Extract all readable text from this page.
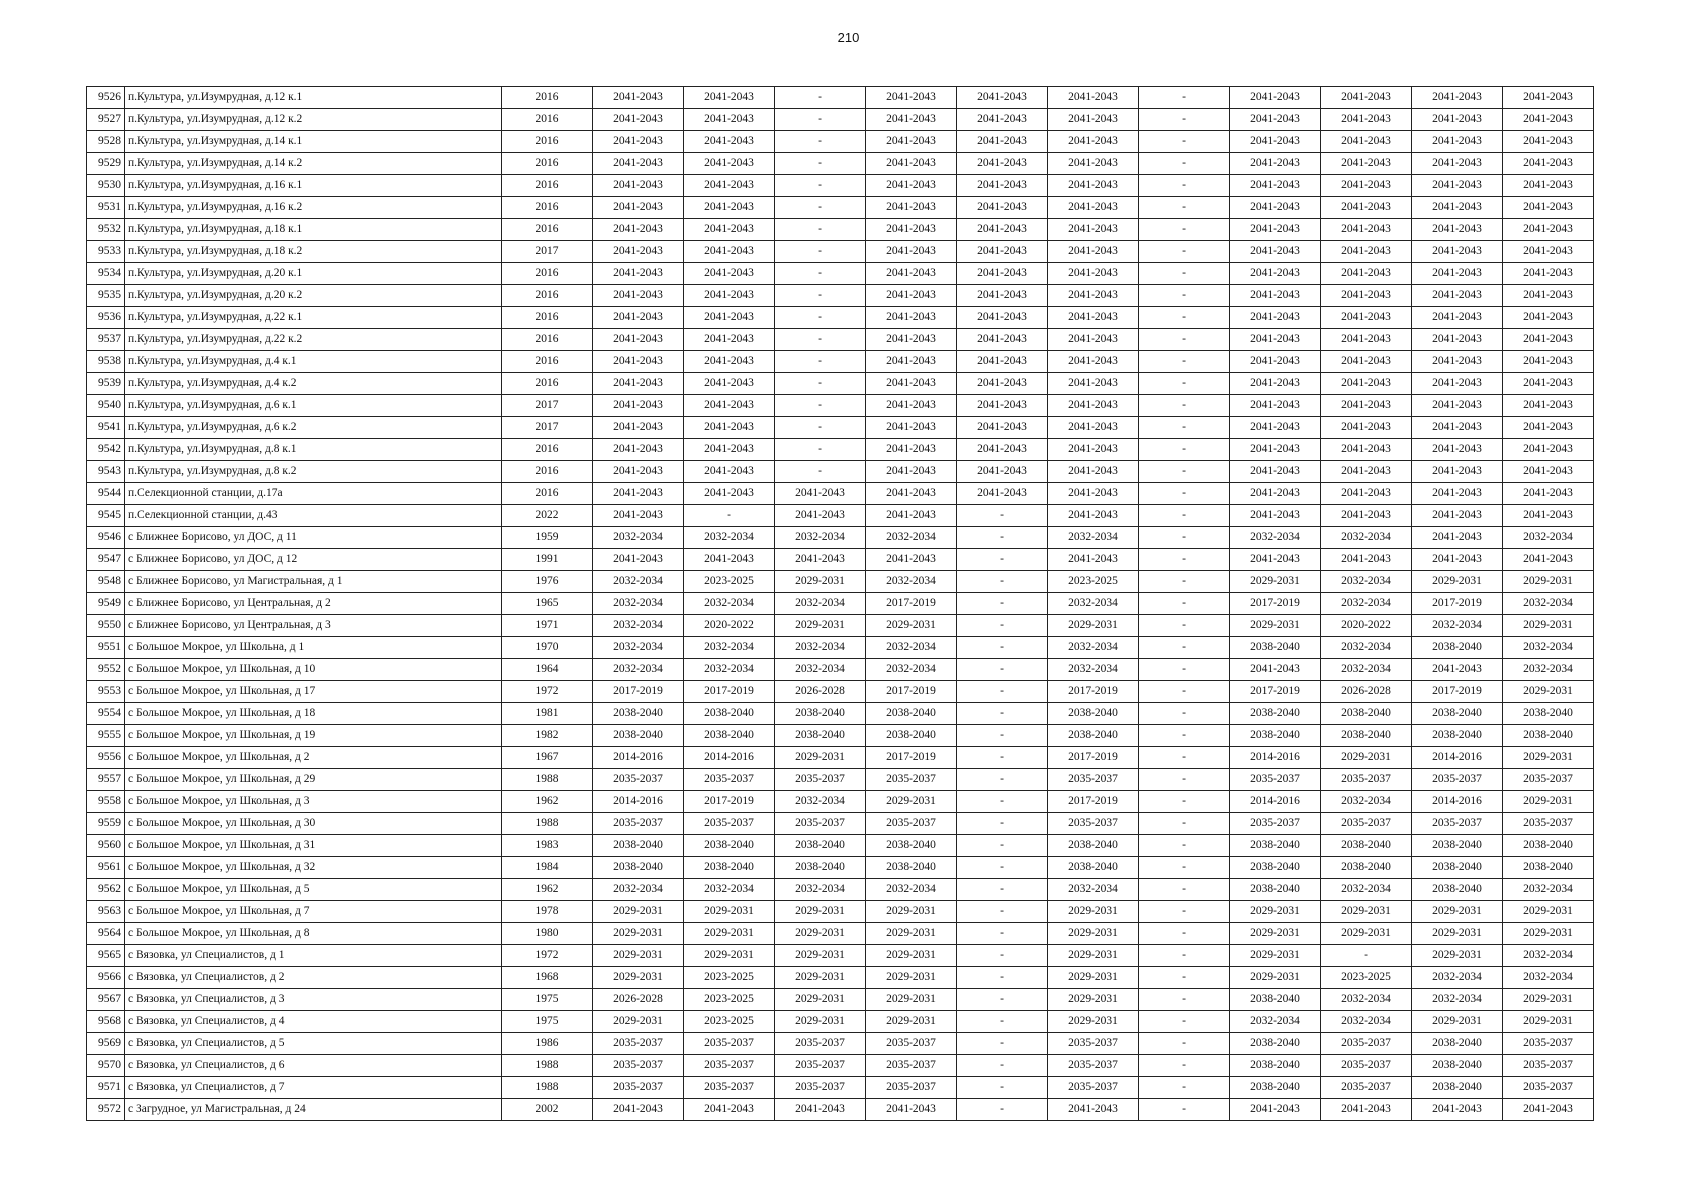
210
9526	п.Культура, ул.Изумрудная, д.12 к.1	2016	2041-2043	2041-2043	-	2041-2043	2041-2043	2041-2043	-	2041-2043	2041-2043	2041-2043	2041-2043
9527	п.Культура, ул.Изумрудная, д.12 к.2	2016	2041-2043	2041-2043	-	2041-2043	2041-2043	2041-2043	-	2041-2043	2041-2043	2041-2043	2041-2043
9528	п.Культура, ул.Изумрудная, д.14 к.1	2016	2041-2043	2041-2043	-	2041-2043	2041-2043	2041-2043	-	2041-2043	2041-2043	2041-2043	2041-2043
9529	п.Культура, ул.Изумрудная, д.14 к.2	2016	2041-2043	2041-2043	-	2041-2043	2041-2043	2041-2043	-	2041-2043	2041-2043	2041-2043	2041-2043
9530	п.Культура, ул.Изумрудная, д.16 к.1	2016	2041-2043	2041-2043	-	2041-2043	2041-2043	2041-2043	-	2041-2043	2041-2043	2041-2043	2041-2043
9531	п.Культура, ул.Изумрудная, д.16 к.2	2016	2041-2043	2041-2043	-	2041-2043	2041-2043	2041-2043	-	2041-2043	2041-2043	2041-2043	2041-2043
9532	п.Культура, ул.Изумрудная, д.18 к.1	2016	2041-2043	2041-2043	-	2041-2043	2041-2043	2041-2043	-	2041-2043	2041-2043	2041-2043	2041-2043
9533	п.Культура, ул.Изумрудная, д.18 к.2	2017	2041-2043	2041-2043	-	2041-2043	2041-2043	2041-2043	-	2041-2043	2041-2043	2041-2043	2041-2043
9534	п.Культура, ул.Изумрудная, д.20 к.1	2016	2041-2043	2041-2043	-	2041-2043	2041-2043	2041-2043	-	2041-2043	2041-2043	2041-2043	2041-2043
9535	п.Культура, ул.Изумрудная, д.20 к.2	2016	2041-2043	2041-2043	-	2041-2043	2041-2043	2041-2043	-	2041-2043	2041-2043	2041-2043	2041-2043
9536	п.Культура, ул.Изумрудная, д.22 к.1	2016	2041-2043	2041-2043	-	2041-2043	2041-2043	2041-2043	-	2041-2043	2041-2043	2041-2043	2041-2043
9537	п.Культура, ул.Изумрудная, д.22 к.2	2016	2041-2043	2041-2043	-	2041-2043	2041-2043	2041-2043	-	2041-2043	2041-2043	2041-2043	2041-2043
9538	п.Культура, ул.Изумрудная, д.4 к.1	2016	2041-2043	2041-2043	-	2041-2043	2041-2043	2041-2043	-	2041-2043	2041-2043	2041-2043	2041-2043
9539	п.Культура, ул.Изумрудная, д.4 к.2	2016	2041-2043	2041-2043	-	2041-2043	2041-2043	2041-2043	-	2041-2043	2041-2043	2041-2043	2041-2043
9540	п.Культура, ул.Изумрудная, д.6 к.1	2017	2041-2043	2041-2043	-	2041-2043	2041-2043	2041-2043	-	2041-2043	2041-2043	2041-2043	2041-2043
9541	п.Культура, ул.Изумрудная, д.6 к.2	2017	2041-2043	2041-2043	-	2041-2043	2041-2043	2041-2043	-	2041-2043	2041-2043	2041-2043	2041-2043
9542	п.Культура, ул.Изумрудная, д.8 к.1	2016	2041-2043	2041-2043	-	2041-2043	2041-2043	2041-2043	-	2041-2043	2041-2043	2041-2043	2041-2043
9543	п.Культура, ул.Изумрудная, д.8 к.2	2016	2041-2043	2041-2043	-	2041-2043	2041-2043	2041-2043	-	2041-2043	2041-2043	2041-2043	2041-2043
9544	п.Селекционной станции, д.17а	2016	2041-2043	2041-2043	2041-2043	2041-2043	2041-2043	2041-2043	-	2041-2043	2041-2043	2041-2043	2041-2043
9545	п.Селекционной станции, д.43	2022	2041-2043	-	2041-2043	2041-2043	-	2041-2043	-	2041-2043	2041-2043	2041-2043	2041-2043
9546	с Ближнее Борисово, ул ДОС, д 11	1959	2032-2034	2032-2034	2032-2034	2032-2034	-	2032-2034	-	2032-2034	2032-2034	2041-2043	2032-2034
9547	с Ближнее Борисово, ул ДОС, д 12	1991	2041-2043	2041-2043	2041-2043	2041-2043	-	2041-2043	-	2041-2043	2041-2043	2041-2043	2041-2043
9548	с Ближнее Борисово, ул Магистральная, д 1	1976	2032-2034	2023-2025	2029-2031	2032-2034	-	2023-2025	-	2029-2031	2032-2034	2029-2031	2029-2031
9549	с Ближнее Борисово, ул Центральная, д 2	1965	2032-2034	2032-2034	2032-2034	2017-2019	-	2032-2034	-	2017-2019	2032-2034	2017-2019	2032-2034
9550	с Ближнее Борисово, ул Центральная, д 3	1971	2032-2034	2020-2022	2029-2031	2029-2031	-	2029-2031	-	2029-2031	2020-2022	2032-2034	2029-2031
9551	с Большое Мокрое, ул Школьна, д 1	1970	2032-2034	2032-2034	2032-2034	2032-2034	-	2032-2034	-	2038-2040	2032-2034	2038-2040	2032-2034
9552	с Большое Мокрое, ул Школьная, д 10	1964	2032-2034	2032-2034	2032-2034	2032-2034	-	2032-2034	-	2041-2043	2032-2034	2041-2043	2032-2034
9553	с Большое Мокрое, ул Школьная, д 17	1972	2017-2019	2017-2019	2026-2028	2017-2019	-	2017-2019	-	2017-2019	2026-2028	2017-2019	2029-2031
9554	с Большое Мокрое, ул Школьная, д 18	1981	2038-2040	2038-2040	2038-2040	2038-2040	-	2038-2040	-	2038-2040	2038-2040	2038-2040	2038-2040
9555	с Большое Мокрое, ул Школьная, д 19	1982	2038-2040	2038-2040	2038-2040	2038-2040	-	2038-2040	-	2038-2040	2038-2040	2038-2040	2038-2040
9556	с Большое Мокрое, ул Школьная, д 2	1967	2014-2016	2014-2016	2029-2031	2017-2019	-	2017-2019	-	2014-2016	2029-2031	2014-2016	2029-2031
9557	с Большое Мокрое, ул Школьная, д 29	1988	2035-2037	2035-2037	2035-2037	2035-2037	-	2035-2037	-	2035-2037	2035-2037	2035-2037	2035-2037
9558	с Большое Мокрое, ул Школьная, д 3	1962	2014-2016	2017-2019	2032-2034	2029-2031	-	2017-2019	-	2014-2016	2032-2034	2014-2016	2029-2031
9559	с Большое Мокрое, ул Школьная, д 30	1988	2035-2037	2035-2037	2035-2037	2035-2037	-	2035-2037	-	2035-2037	2035-2037	2035-2037	2035-2037
9560	с Большое Мокрое, ул Школьная, д 31	1983	2038-2040	2038-2040	2038-2040	2038-2040	-	2038-2040	-	2038-2040	2038-2040	2038-2040	2038-2040
9561	с Большое Мокрое, ул Школьная, д 32	1984	2038-2040	2038-2040	2038-2040	2038-2040	-	2038-2040	-	2038-2040	2038-2040	2038-2040	2038-2040
9562	с Большое Мокрое, ул Школьная, д 5	1962	2032-2034	2032-2034	2032-2034	2032-2034	-	2032-2034	-	2038-2040	2032-2034	2038-2040	2032-2034
9563	с Большое Мокрое, ул Школьная, д 7	1978	2029-2031	2029-2031	2029-2031	2029-2031	-	2029-2031	-	2029-2031	2029-2031	2029-2031	2029-2031
9564	с Большое Мокрое, ул Школьная, д 8	1980	2029-2031	2029-2031	2029-2031	2029-2031	-	2029-2031	-	2029-2031	2029-2031	2029-2031	2029-2031
9565	с Вязовка, ул Специалистов, д 1	1972	2029-2031	2029-2031	2029-2031	2029-2031	-	2029-2031	-	2029-2031	-	2029-2031	2032-2034
9566	с Вязовка, ул Специалистов, д 2	1968	2029-2031	2023-2025	2029-2031	2029-2031	-	2029-2031	-	2029-2031	2023-2025	2032-2034	2032-2034
9567	с Вязовка, ул Специалистов, д 3	1975	2026-2028	2023-2025	2029-2031	2029-2031	-	2029-2031	-	2038-2040	2032-2034	2032-2034	2029-2031
9568	с Вязовка, ул Специалистов, д 4	1975	2029-2031	2023-2025	2029-2031	2029-2031	-	2029-2031	-	2032-2034	2032-2034	2029-2031	2029-2031
9569	с Вязовка, ул Специалистов, д 5	1986	2035-2037	2035-2037	2035-2037	2035-2037	-	2035-2037	-	2038-2040	2035-2037	2038-2040	2035-2037
9570	с Вязовка, ул Специалистов, д 6	1988	2035-2037	2035-2037	2035-2037	2035-2037	-	2035-2037	-	2038-2040	2035-2037	2038-2040	2035-2037
9571	с Вязовка, ул Специалистов, д 7	1988	2035-2037	2035-2037	2035-2037	2035-2037	-	2035-2037	-	2038-2040	2035-2037	2038-2040	2035-2037
9572	с Загрудное, ул Магистральная, д 24	2002	2041-2043	2041-2043	2041-2043	2041-2043	-	2041-2043	-	2041-2043	2041-2043	2041-2043	2041-2043
